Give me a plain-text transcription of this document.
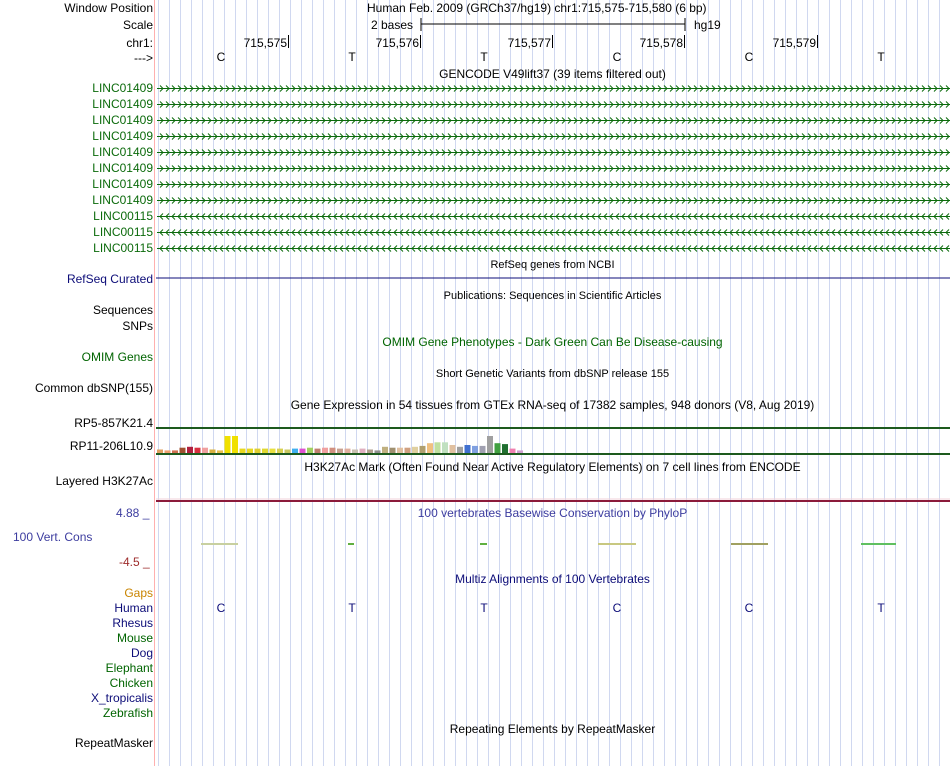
Window Position	Human Feb. 2009 (GRCh37/hg19) chr1:715,575-715,580 (6 bp)
Scale	2 bases	hg19
chr1:	715,575	715,576	715,577	715,578	715,579
--->	C	T	T	C	C	T
GENCODE V49lift37 (39 items filtered out)
LINC01409
LINC01409
LINC01409
LINC01409
LINC01409
LINC01409
LINC01409
LINC01409
LINC00115
LINC00115
LINC00115
RefSeq genes from NCBI
RefSeq Curated
Publications: Sequences in Scientific Articles
Sequences
SNPs
OMIM Gene Phenotypes - Dark Green Can Be Disease-causing
OMIM Genes
Short Genetic Variants from dbSNP release 155
Common dbSNP(155)
Gene Expression in 54 tissues from GTEx RNA-seq of 17382 samples, 948 donors (V8, Aug 2019)
RP5-857K21.4
RP11-206L10.9
H3K27Ac Mark (Often Found Near Active Regulatory Elements) on 7 cell lines from ENCODE
Layered H3K27Ac
4.88 _	100 vertebrates Basewise Conservation by PhyloP
100 Vert. Cons
-4.5 _
Multiz Alignments of 100 Vertebrates
Gaps
Human
Rhesus
Mouse
Dog
Elephant
Chicken
X_tropicalis
Zebrafish
C	T	T	C	C	T
Repeating Elements by RepeatMasker
RepeatMasker
